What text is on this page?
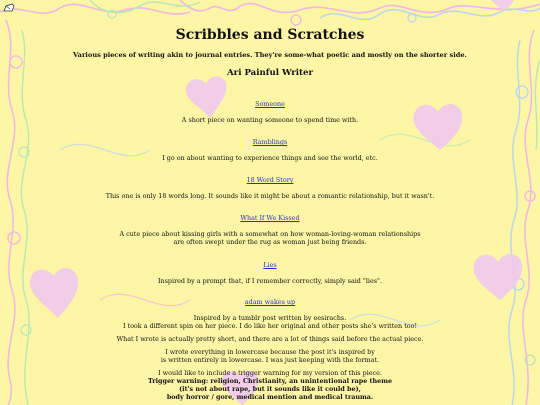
Scribbles and Scratches
Various pieces of writing akin to journal entries. They're some-what poetic and mostly on the shorter side.
Ari Painful Writer
Someone
A short piece on wanting someone to spend time with.
Ramblings
I go on about wanting to experience things and see the world, etc.
18 Word Story
This one is only 18 words long. It sounds like it might be about a romantic relationship, but it wasn't.
What If We Kissed
A cute piece about kissing girls with a somewhat on how woman-loving-woman relationships
are often swept under the rug as woman just being friends.
Lies
Inspired by a prompt that, if I remember correctly, simply said "lies".
adam wakes up
Inspired by a tumblr post written by eesirachs.
I took a different spin on her piece. I do like her original and other posts she's written too!
What I wrote is actually pretty short, and there are a lot of things said before the actual piece.
I wrote everything in lowercase because the post it's inspired by
is written entirely in lowercase. I was just keeping with the format.
I would like to include a trigger warning for my version of this piece.
Trigger warning: religion, Christianity, an unintentional rape theme
(it's not about rape, but it sounds like it could be),
body horror / gore, medical mention and medical trauma.
